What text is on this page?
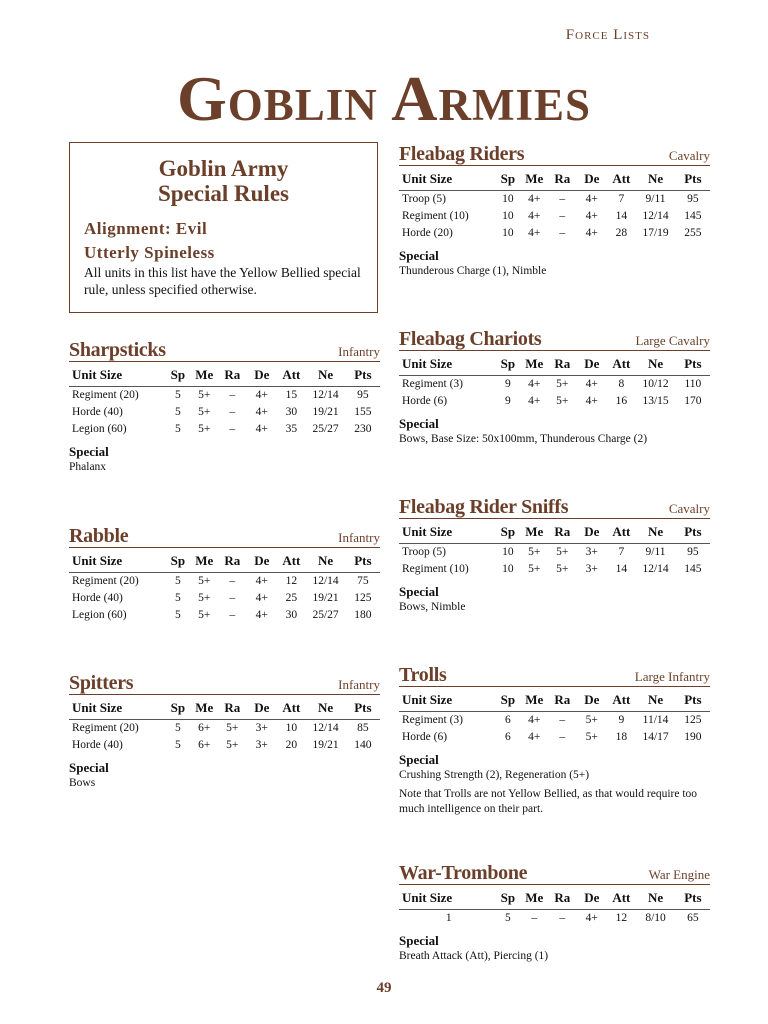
Force Lists
Goblin Armies
Goblin Army
Special Rules
Alignment: Evil
Utterly Spineless
All units in this list have the Yellow Bellied special rule, unless specified otherwise.
Sharpsticks	Infantry
Unit Size	Sp	Me	Ra	De	Att	Ne	Pts
Regiment (20)	5	5+	–	4+	15	12/14	95
Horde (40)	5	5+	–	4+	30	19/21	155
Legion (60)	5	5+	–	4+	35	25/27	230
Special
Phalanx
Rabble	Infantry
Unit Size	Sp	Me	Ra	De	Att	Ne	Pts
Regiment (20)	5	5+	–	4+	12	12/14	75
Horde (40)	5	5+	–	4+	25	19/21	125
Legion (60)	5	5+	–	4+	30	25/27	180
Spitters	Infantry
Unit Size	Sp	Me	Ra	De	Att	Ne	Pts
Regiment (20)	5	6+	5+	3+	10	12/14	85
Horde (40)	5	6+	5+	3+	20	19/21	140
Special
Bows
Fleabag Riders	Cavalry
Unit Size	Sp	Me	Ra	De	Att	Ne	Pts
Troop (5)	10	4+	–	4+	7	9/11	95
Regiment (10)	10	4+	–	4+	14	12/14	145
Horde (20)	10	4+	–	4+	28	17/19	255
Special
Thunderous Charge (1), Nimble
Fleabag Chariots	Large Cavalry
Unit Size	Sp	Me	Ra	De	Att	Ne	Pts
Regiment (3)	9	4+	5+	4+	8	10/12	110
Horde (6)	9	4+	5+	4+	16	13/15	170
Special
Bows, Base Size: 50x100mm, Thunderous Charge (2)
Fleabag Rider Sniffs	Cavalry
Unit Size	Sp	Me	Ra	De	Att	Ne	Pts
Troop (5)	10	5+	5+	3+	7	9/11	95
Regiment (10)	10	5+	5+	3+	14	12/14	145
Special
Bows, Nimble
Trolls	Large Infantry
Unit Size	Sp	Me	Ra	De	Att	Ne	Pts
Regiment (3)	6	4+	–	5+	9	11/14	125
Horde (6)	6	4+	–	5+	18	14/17	190
Special
Crushing Strength (2), Regeneration (5+)
Note that Trolls are not Yellow Bellied, as that would require too much intelligence on their part.
War-Trombone	War Engine
Unit Size	Sp	Me	Ra	De	Att	Ne	Pts
1	5	–	–	4+	12	8/10	65
Special
Breath Attack (Att), Piercing (1)
49
